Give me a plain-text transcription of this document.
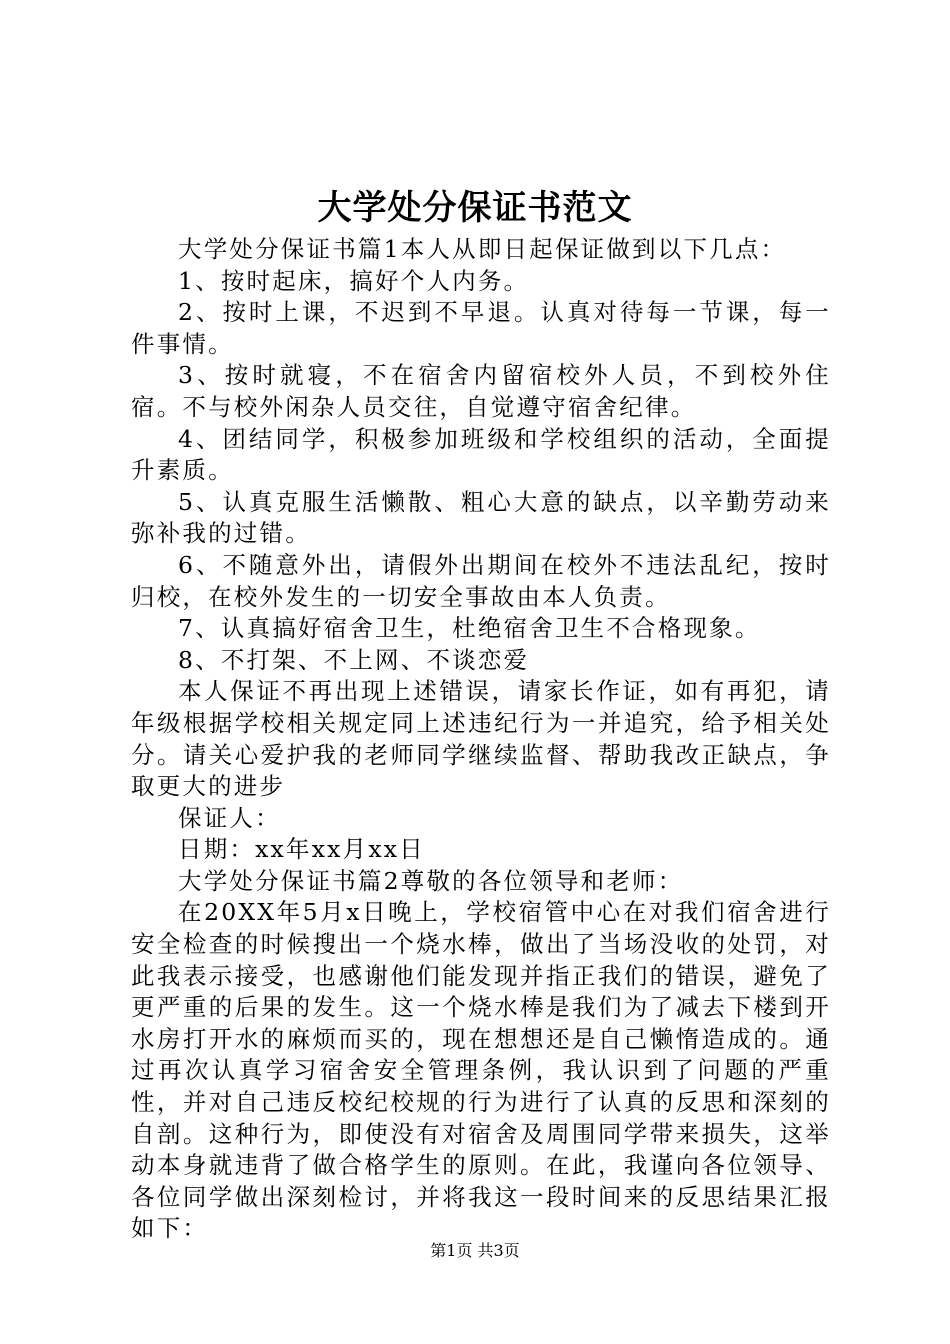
大学处分保证书范文

大学处分保证书篇1本人从即日起保证做到以下几点：

1、按时起床，搞好个人内务。

2、按时上课，不迟到不早退。认真对待每一节课，每一件事情。

3、按时就寝，不在宿舍内留宿校外人员，不到校外住宿。不与校外闲杂人员交往，自觉遵守宿舍纪律。

4、团结同学，积极参加班级和学校组织的活动，全面提升素质。

5、认真克服生活懒散、粗心大意的缺点，以辛勤劳动来弥补我的过错。

6、不随意外出，请假外出期间在校外不违法乱纪，按时归校，在校外发生的一切安全事故由本人负责。

7、认真搞好宿舍卫生，杜绝宿舍卫生不合格现象。

8、不打架、不上网、不谈恋爱

本人保证不再出现上述错误，请家长作证，如有再犯，请年级根据学校相关规定同上述违纪行为一并追究，给予相关处分。请关心爱护我的老师同学继续监督、帮助我改正缺点，争取更大的进步

保证人：

日期：xx年xx月xx日

大学处分保证书篇2尊敬的各位领导和老师：

在20XX年5月x日晚上，学校宿管中心在对我们宿舍进行安全检查的时候搜出一个烧水棒，做出了当场没收的处罚，对此我表示接受，也感谢他们能发现并指正我们的错误，避免了更严重的后果的发生。这一个烧水棒是我们为了减去下楼到开水房打开水的麻烦而买的，现在想想还是自己懒惰造成的。通过再次认真学习宿舍安全管理条例，我认识到了问题的严重性，并对自己违反校纪校规的行为进行了认真的反思和深刻的自剖。这种行为，即使没有对宿舍及周围同学带来损失，这举动本身就违背了做合格学生的原则。在此，我谨向各位领导、各位同学做出深刻检讨，并将我这一段时间来的反思结果汇报如下：

第1页 共3页
